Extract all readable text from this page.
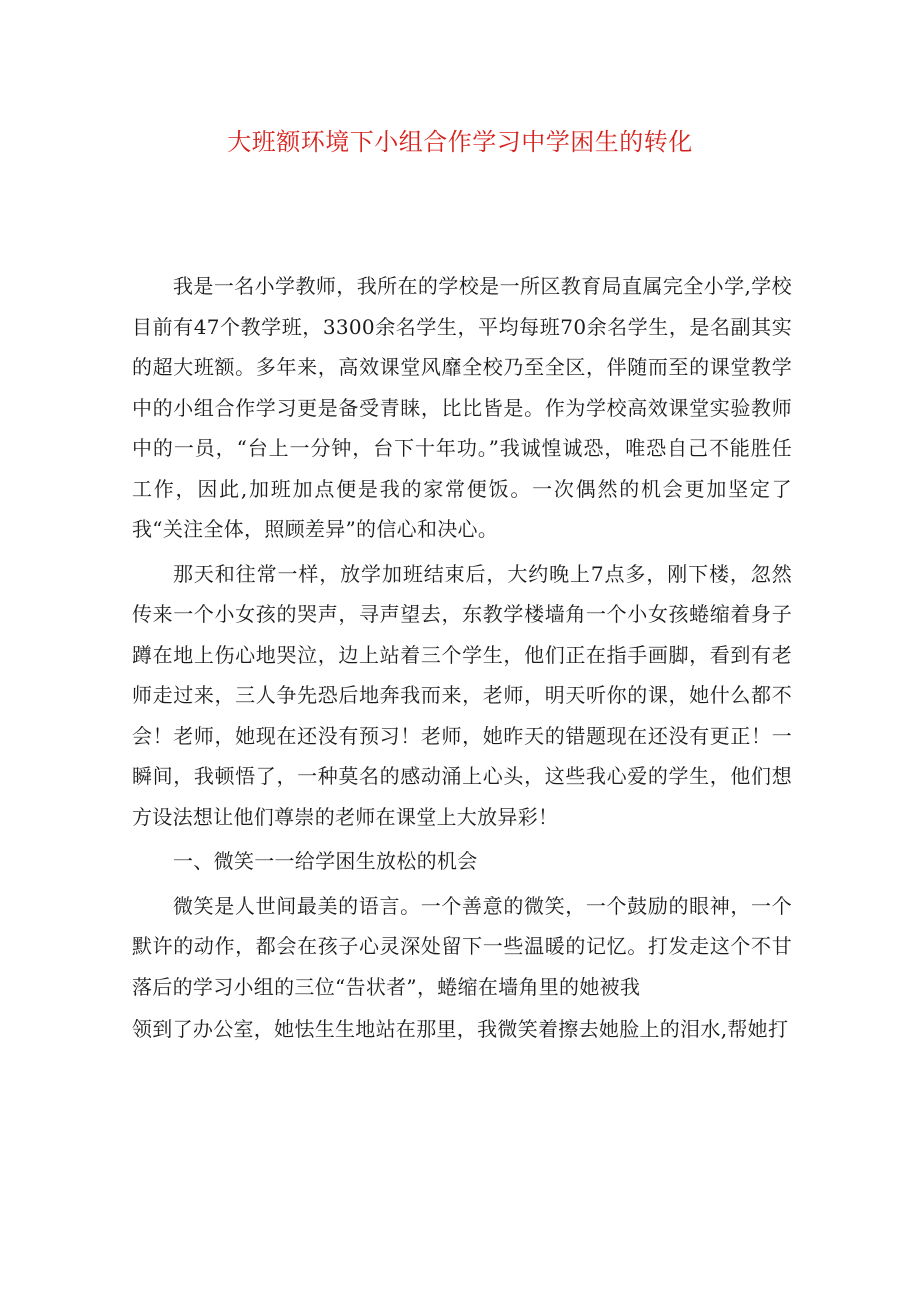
大班额环境下小组合作学习中学困生的转化

我是一名小学教师，我所在的学校是一所区教育局直属完全小学,学校目前有47个教学班，3300余名学生，平均每班70余名学生，是名副其实的超大班额。多年来，高效课堂风靡全校乃至全区，伴随而至的课堂教学中的小组合作学习更是备受青睐，比比皆是。作为学校高效课堂实验教师中的一员，“台上一分钟，台下十年功。”我诚惶诚恐，唯恐自己不能胜任工作，因此,加班加点便是我的家常便饭。一次偶然的机会更加坚定了我“关注全体，照顾差异”的信心和决心。

那天和往常一样，放学加班结束后，大约晚上7点多，刚下楼，忽然传来一个小女孩的哭声，寻声望去，东教学楼墙角一个小女孩蜷缩着身子蹲在地上伤心地哭泣，边上站着三个学生，他们正在指手画脚，看到有老师走过来，三人争先恐后地奔我而来，老师，明天听你的课，她什么都不会！老师，她现在还没有预习！老师，她昨天的错题现在还没有更正！一瞬间，我顿悟了，一种莫名的感动涌上心头，这些我心爱的学生，他们想方设法想让他们尊崇的老师在课堂上大放异彩！

一、微笑一一给学困生放松的机会

微笑是人世间最美的语言。一个善意的微笑，一个鼓励的眼神，一个默许的动作，都会在孩子心灵深处留下一些温暖的记忆。打发走这个不甘落后的学习小组的三位“告状者”，蜷缩在墙角里的她被我

领到了办公室，她怯生生地站在那里，我微笑着擦去她脸上的泪水,帮她打
